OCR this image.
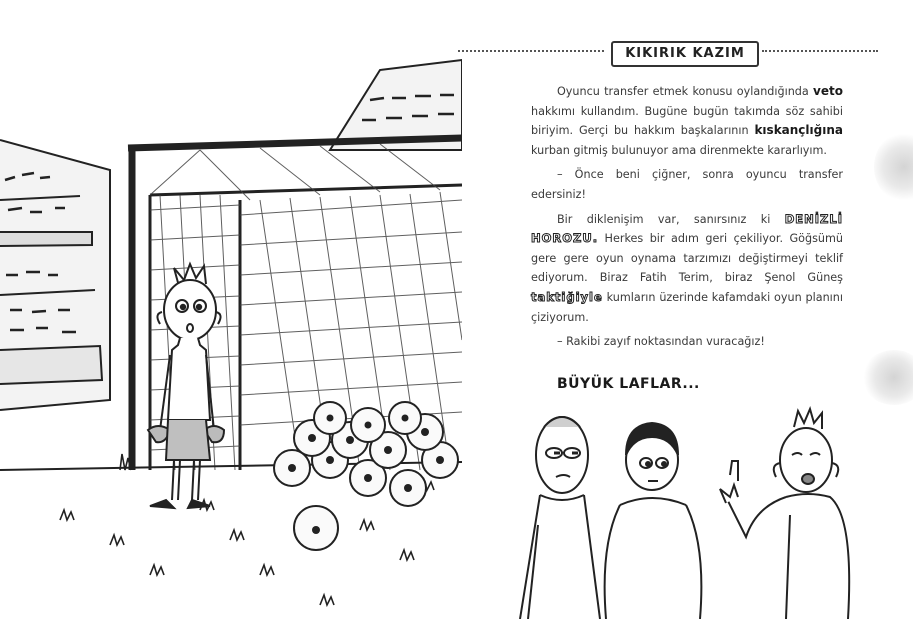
KIKIRIK KAZIM

Oyuncu transfer etmek konusu oylandığında veto hakkımı kullandım. Bugüne bugün takımda söz sahibi biriyim. Gerçi bu hakkım başkalarının kıskançlığına kurban gitmiş bulunuyor ama direnmekte kararlıyım.

– Önce beni çiğner, sonra oyuncu transfer edersiniz!

Bir diklenişim var, sanırsınız ki DENİZLİ HOROZU. Herkes bir adım geri çekiliyor. Göğsümü gere gere oyun oynama tarzımızı değiştirmeyi teklif ediyorum. Biraz Fatih Terim, biraz Şenol Güneş taktiğiyle kumların üzerinde kafamdaki oyun planını çiziyorum.

– Rakibi zayıf noktasından vuracağız!

BÜYÜK LAFLAR...
